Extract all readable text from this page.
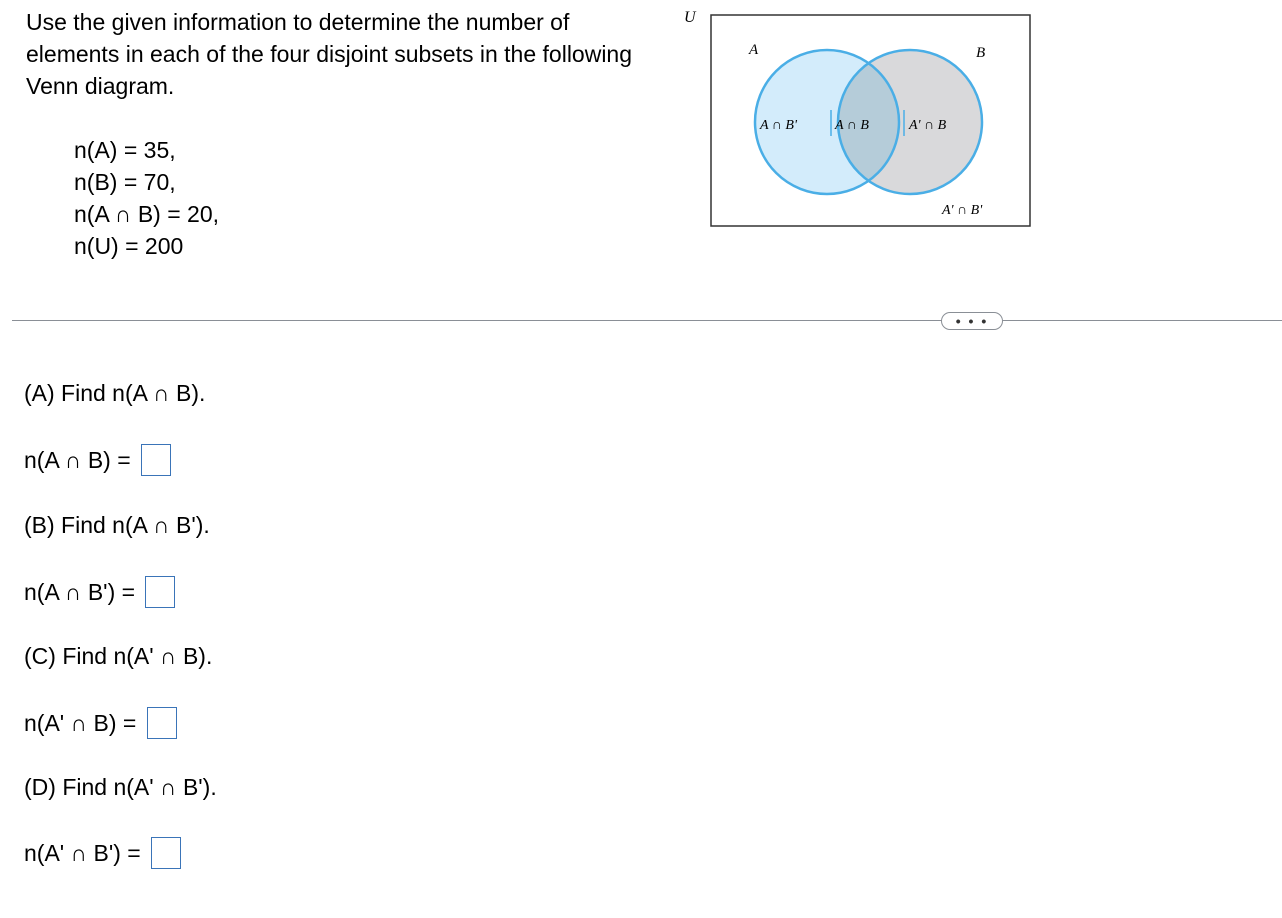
Use the given information to determine the number of elements in each of the four disjoint subsets in the following Venn diagram.

n(A) = 35,
n(B) = 70,
n(A ∩ B) = 20,
n(U) = 200
U
A	B
A ∩ B'	A ∩ B	A' ∩ B
A' ∩ B'
• • •

(A) Find n(A ∩ B).

n(A ∩ B) =

(B) Find n(A ∩ B').

n(A ∩ B') =

(C) Find n(A' ∩ B).

n(A' ∩ B) =

(D) Find n(A' ∩ B').

n(A' ∩ B') =
